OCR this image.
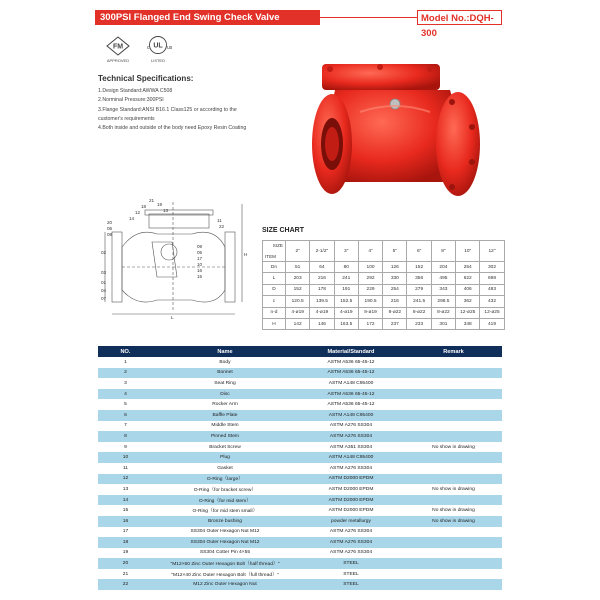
300PSI Flanged End Swing Check Valve	Model No.:DQH-300
FM
APPROVED
c UL us
LISTED
Technical Specifications:
1.Design Standard:AWWA C508
2.Norminal Pressure:300PSI
3.Flange Standard:ANSI B16.1 Class125 or according to the
customer's requirements
4.Both inside and outside of the body need Epoxy Resin Coating
21
18
12
14
19
13
20
06
08
09
05
11
22
02
17
10
16
03
01
04
15
07
H
L
SIZE CHART
SIZE
ITEM	2"	2-1/2"	3"	4"	5"	6"	8"	10"	12"
Dn	51	64	80	100	126	152	204	254	302
L	203	216	241	292	330	356	495	622	698
D	152	178	191	229	254	279	343	406	483
c	120.5	139.5	152.5	190.5	216	241.5	298.5	362	432
n-d	4-ø19	4-ø19	4-ø19	8-ø19	8-ø22	8-ø22	8-ø22	12-ø25	12-ø25
H	142	146	163.5	172	237	233	301	348	419
NO.	Name	Material/Standard	Remark
1	Body	ASTM A536 65-45-12	
2	Bonnet	ASTM A536 65-45-12	
3	Seat Ring	ASTM A148 C95400	
4	Disc	ASTM A536 65-45-12	
5	Rocker Arm	ASTM A536 65-45-12	
6	Baffle Plate	ASTM A148 C95400	
7	Middle Stem	ASTM A276 SS304	
8	Pinned Stem	ASTM A276 SS304	
9	Bracket Screw	ASTM A351 SS304	No show in drawing
10	Plug	ASTM A148 C95400	
11	Gasket	ASTM A276 SS304	
12	O-Ring（large）	ASTM D2000 EPDM	
13	O-Ring（for bracket screw）	ASTM D2000 EPDM	No show in drawing
14	O-Ring（for mid stem）	ASTM D2000 EPDM	
15	O-Ring（for mid stem small）	ASTM D2000 EPDM	No show in drawing
16	Bronze bushing	powder metallurgy	No show in drawing
17	SS304 Outer Hexagon Nut M12	ASTM A276 SS304	
18	SS304 Outer Hexagon Nut M12	ASTM A276 SS304	
19	SS304 Cotter Pin 4×55	ASTM A276 SS304	
20	"M12×60 Zinc Outer Hexagon Bolt（half thread）"	STEEL	
21	"M12×40 Zinc Outer Hexagon Bolt（full thread）"	STEEL	
22	M12 Zinc Outer Hexagon Nut	STEEL	
